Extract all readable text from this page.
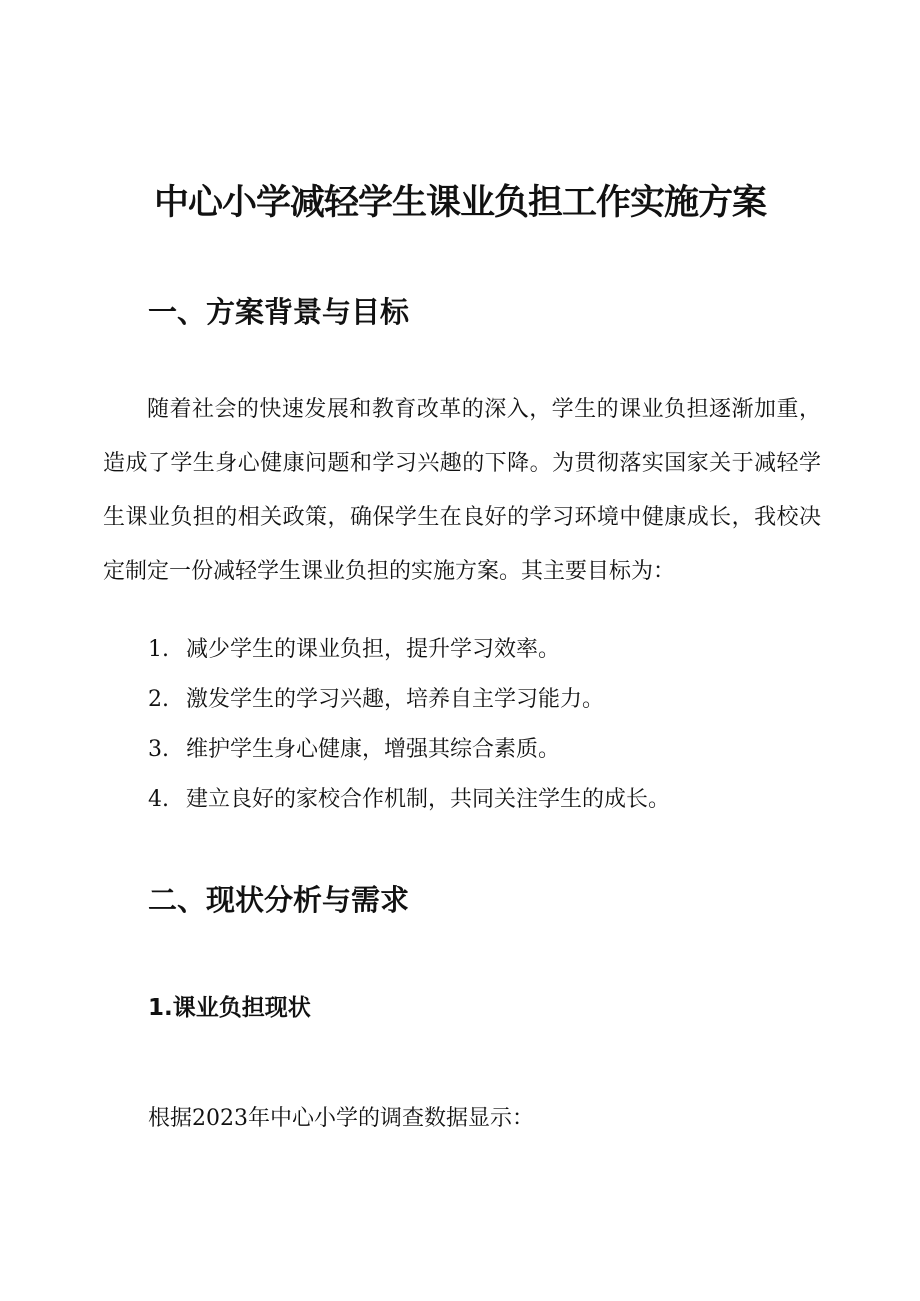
中心小学减轻学生课业负担工作实施方案
一、方案背景与目标

随着社会的快速发展和教育改革的深入，学生的课业负担逐渐加重，造成了学生身心健康问题和学习兴趣的下降。为贯彻落实国家关于减轻学生课业负担的相关政策，确保学生在良好的学习环境中健康成长，我校决定制定一份减轻学生课业负担的实施方案。其主要目标为：

1. 减少学生的课业负担，提升学习效率。
2. 激发学生的学习兴趣，培养自主学习能力。
3. 维护学生身心健康，增强其综合素质。
4. 建立良好的家校合作机制，共同关注学生的成长。
二、现状分析与需求
1.课业负担现状

根据2023年中心小学的调查数据显示：
